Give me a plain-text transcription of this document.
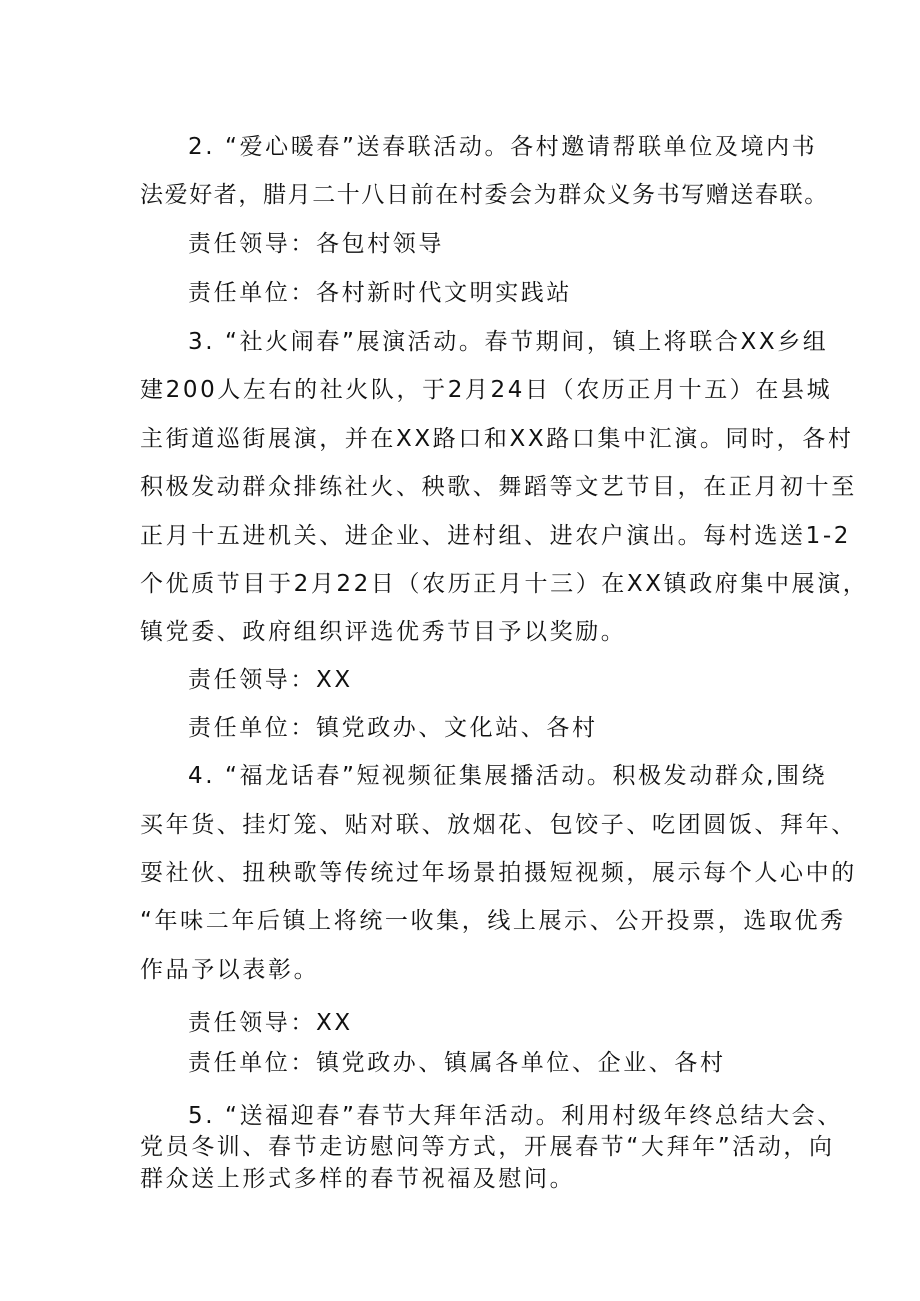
2. “爱心暖春”送春联活动。各村邀请帮联单位及境内书
法爱好者，腊月二十八日前在村委会为群众义务书写赠送春联。
责任领导：各包村领导
责任单位：各村新时代文明实践站
3. “社火闹春”展演活动。春节期间，镇上将联合XX乡组
建200人左右的社火队，于2月24日（农历正月十五）在县城
主街道巡街展演，并在XX路口和XX路口集中汇演。同时，各村
积极发动群众排练社火、秧歌、舞蹈等文艺节目，在正月初十至
正月十五进机关、进企业、进村组、进农户演出。每村选送1-2
个优质节目于2月22日（农历正月十三）在XX镇政府集中展演，
镇党委、政府组织评选优秀节目予以奖励。
责任领导：XX
责任单位：镇党政办、文化站、各村
4. “福龙话春”短视频征集展播活动。积极发动群众,围绕
买年货、挂灯笼、贴对联、放烟花、包饺子、吃团圆饭、拜年、
耍社伙、扭秧歌等传统过年场景拍摄短视频，展示每个人心中的
“年味二年后镇上将统一收集，线上展示、公开投票，选取优秀
作品予以表彰。
责任领导：XX
责任单位：镇党政办、镇属各单位、企业、各村
5. “送福迎春”春节大拜年活动。利用村级年终总结大会、
党员冬训、春节走访慰问等方式，开展春节“大拜年”活动，向
群众送上形式多样的春节祝福及慰问。
